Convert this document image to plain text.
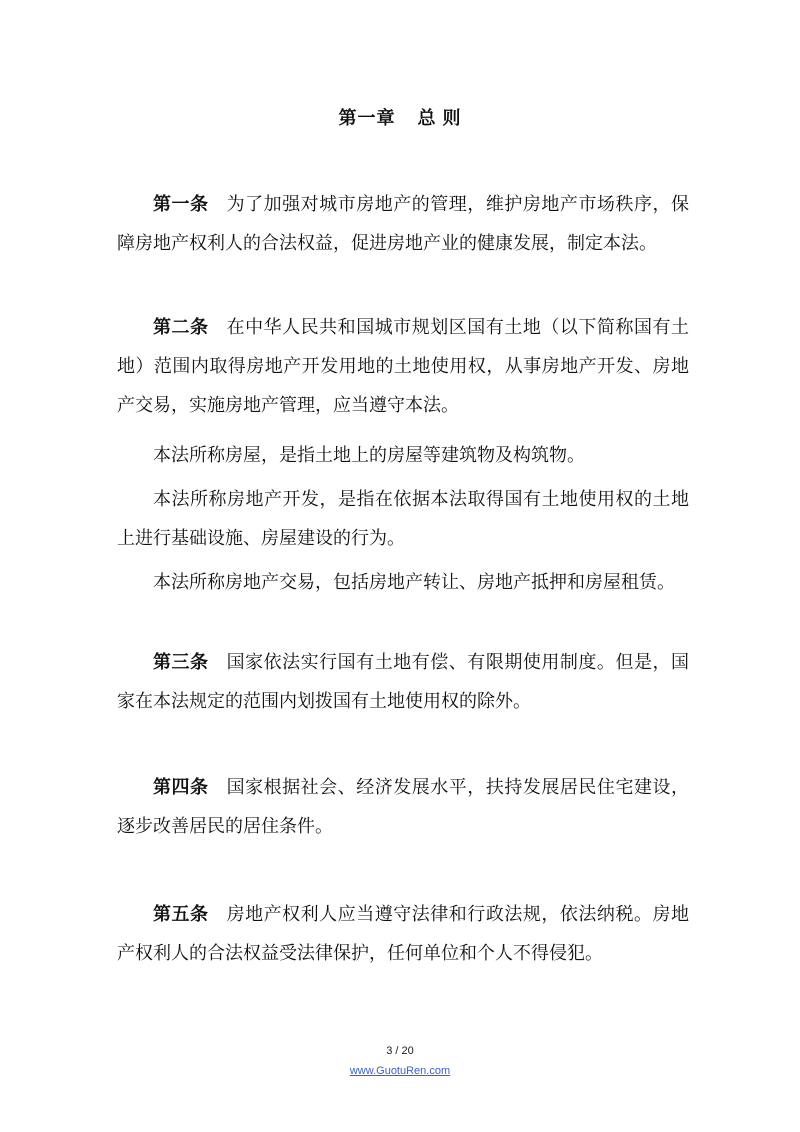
第一章 总 则

第一条 为了加强对城市房地产的管理，维护房地产市场秩序，保障房地产权利人的合法权益，促进房地产业的健康发展，制定本法。

第二条 在中华人民共和国城市规划区国有土地（以下简称国有土地）范围内取得房地产开发用地的土地使用权，从事房地产开发、房地产交易，实施房地产管理，应当遵守本法。

本法所称房屋，是指土地上的房屋等建筑物及构筑物。

本法所称房地产开发，是指在依据本法取得国有土地使用权的土地上进行基础设施、房屋建设的行为。

本法所称房地产交易，包括房地产转让、房地产抵押和房屋租赁。

第三条 国家依法实行国有土地有偿、有限期使用制度。但是，国家在本法规定的范围内划拨国有土地使用权的除外。

第四条 国家根据社会、经济发展水平，扶持发展居民住宅建设，逐步改善居民的居住条件。

第五条 房地产权利人应当遵守法律和行政法规，依法纳税。房地产权利人的合法权益受法律保护，任何单位和个人不得侵犯。

3 / 20
www.GuotuRen.com
